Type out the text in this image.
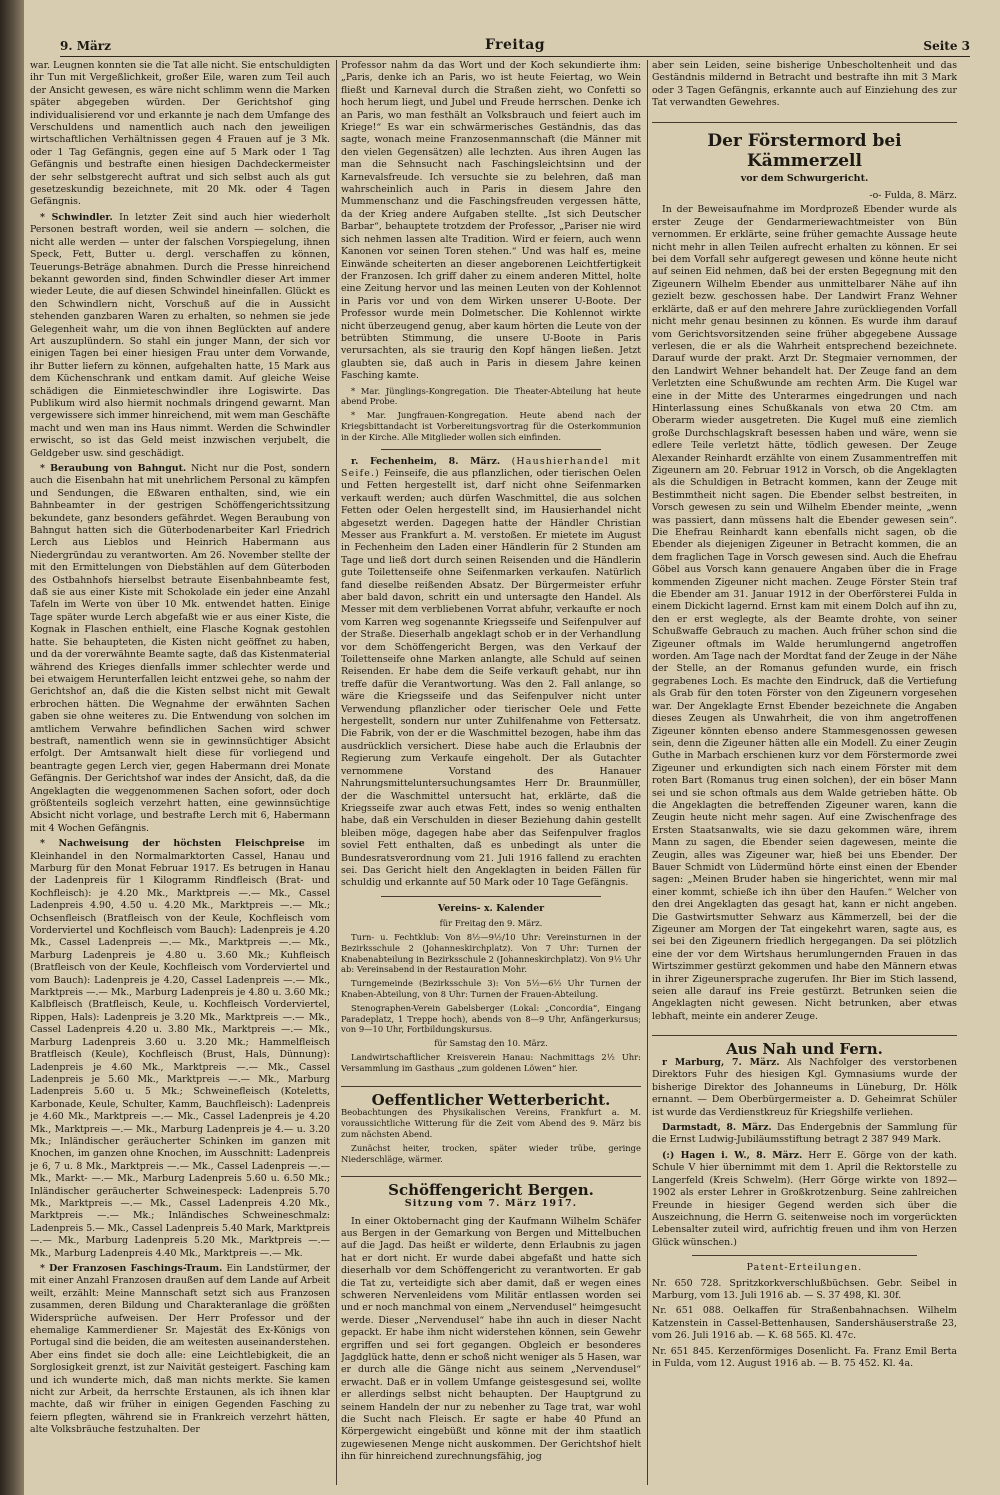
9. März	Freitag	Seite 3

war. Leugnen konnten sie die Tat alle nicht. Sie entschuldigten ihr Tun mit Vergeßlichkeit, großer Eile, waren zum Teil auch der Ansicht gewesen, es wäre nicht schlimm wenn die Marken später abgegeben würden. Der Gerichtshof ging individualisierend vor und erkannte je nach dem Umfange des Verschuldens und namentlich auch nach den jeweiligen wirtschaftlichen Verhältnissen gegen 4 Frauen auf je 3 Mk. oder 1 Tag Gefängnis, gegen eine auf 5 Mark oder 1 Tag Gefängnis und bestrafte einen hiesigen Dachdeckermeister der sehr selbstgerecht auftrat und sich selbst auch als gut gesetzeskundig bezeichnete, mit 20 Mk. oder 4 Tagen Gefängnis.

* Schwindler. In letzter Zeit sind auch hier wiederholt Personen bestraft worden, weil sie andern — solchen, die nicht alle werden — unter der falschen Vorspiegelung, ihnen Speck, Fett, Butter u. dergl. verschaffen zu können, Teuerungs-Beträge abnahmen. Durch die Presse hinreichend bekannt geworden sind, finden Schwindler dieser Art immer wieder Leute, die auf diesen Schwindel hineinfallen. Glückt es den Schwindlern nicht, Vorschuß auf die in Aussicht stehenden ganzbaren Waren zu erhalten, so nehmen sie jede Gelegenheit wahr, um die von ihnen Beglückten auf andere Art auszuplündern. So stahl ein junger Mann, der sich vor einigen Tagen bei einer hiesigen Frau unter dem Vorwande, ihr Butter liefern zu können, aufgehalten hatte, 15 Mark aus dem Küchenschrank und entkam damit. Auf gleiche Weise schädigen die Einmieteschwindler ihre Logiswirte. Das Publikum wird also hiermit nochmals dringend gewarnt. Man vergewissere sich immer hinreichend, mit wem man Geschäfte macht und wen man ins Haus nimmt. Werden die Schwindler erwischt, so ist das Geld meist inzwischen verjubelt, die Geldgeber usw. sind geschädigt.

* Beraubung von Bahngut. Nicht nur die Post, sondern auch die Eisenbahn hat mit unehrlichem Personal zu kämpfen und Sendungen, die Eßwaren enthalten, sind, wie ein Bahnbeamter in der gestrigen Schöffengerichtssitzung bekundete, ganz besonders gefährdet. Wegen Beraubung von Bahngut hatten sich die Güterbodenarbeiter Karl Friedrich Lerch aus Lieblos und Heinrich Habermann aus Niedergründau zu verantworten. Am 26. November stellte der mit den Ermittelungen von Diebstählen auf dem Güterboden des Ostbahnhofs hierselbst betraute Eisenbahnbeamte fest, daß sie aus einer Kiste mit Schokolade ein jeder eine Anzahl Tafeln im Werte von über 10 Mk. entwendet hatten. Einige Tage später wurde Lerch abgefaßt wie er aus einer Kiste, die Kognak in Flaschen enthielt, eine Flasche Kognak gestohlen hatte. Sie behaupteten, die Kisten nicht geöffnet zu haben, und da der vorerwähnte Beamte sagte, daß das Kistenmaterial während des Krieges dienfalls immer schlechter werde und bei etwaigem Herunterfallen leicht entzwei gehe, so nahm der Gerichtshof an, daß die die Kisten selbst nicht mit Gewalt erbrochen hätten. Die Wegnahme der erwähnten Sachen gaben sie ohne weiteres zu. Die Entwendung von solchen im amtlichem Verwahre befindlichen Sachen wird schwer bestraft, namentlich wenn sie in gewinnsüchtiger Absicht erfolgt. Der Amtsanwalt hielt diese für vorliegend und beantragte gegen Lerch vier, gegen Habermann drei Monate Gefängnis. Der Gerichtshof war indes der Ansicht, daß, da die Angeklagten die weggenommenen Sachen sofort, oder doch größtenteils sogleich verzehrt hatten, eine gewinnsüchtige Absicht nicht vorlage, und bestrafte Lerch mit 6, Habermann mit 4 Wochen Gefängnis.

* Nachweisung der höchsten Fleischpreise im Kleinhandel in den Normalmarktorten Cassel, Hanau und Marburg für den Monat Februar 1917. Es betrugen in Hanau der Ladenpreis für 1 Kilogramm Rindfleisch (Brat- und Kochfleisch): je 4.20 Mk., Marktpreis —.— Mk., Cassel Ladenpreis 4.90, 4.50 u. 4.20 Mk., Marktpreis —.— Mk.; Ochsenfleisch (Bratfleisch von der Keule, Kochfleisch vom Vorderviertel und Kochfleisch vom Bauch): Ladenpreis je 4.20 Mk., Cassel Ladenpreis —.— Mk., Marktpreis —.— Mk., Marburg Ladenpreis je 4.80 u. 3.60 Mk.; Kuhfleisch (Bratfleisch von der Keule, Kochfleisch vom Vorderviertel und vom Bauch): Ladenpreis je 4.20, Cassel Ladenpreis —.— Mk., Marktpreis —.— Mk., Marburg Ladenpreis je 4.80 u. 3.60 Mk.; Kalbfleisch (Bratfleisch, Keule, u. Kochfleisch Vorderviertel, Rippen, Hals): Ladenpreis je 3.20 Mk., Marktpreis —.— Mk., Cassel Ladenpreis 4.20 u. 3.80 Mk., Marktpreis —.— Mk., Marburg Ladenpreis 3.60 u. 3.20 Mk.; Hammelfleisch Bratfleisch (Keule), Kochfleisch (Brust, Hals, Dünnung): Ladenpreis je 4.60 Mk., Marktpreis —.— Mk., Cassel Ladenpreis je 5.60 Mk., Marktpreis —.— Mk., Marburg Ladenpreis 5.60 u. 5 Mk.; Schweinefleisch (Koteletts, Karbonade, Keule, Schulter, Kamm, Bauchfleisch): Ladenpreis je 4.60 Mk., Marktpreis —.— Mk., Cassel Ladenpreis je 4.20 Mk., Marktpreis —.— Mk., Marburg Ladenpreis je 4.— u. 3.20 Mk.; Inländischer geräucherter Schinken im ganzen mit Knochen, im ganzen ohne Knochen, im Ausschnitt: Ladenpreis je 6, 7 u. 8 Mk., Marktpreis —.— Mk., Cassel Ladenpreis —.— Mk., Markt- —.— Mk., Marburg Ladenpreis 5.60 u. 6.50 Mk.; Inländischer geräucherter Schweinespeck: Ladenpreis 5.70 Mk., Marktpreis —.— Mk., Cassel Ladenpreis 4.20 Mk., Marktpreis —.— Mk.; Inländisches Schweineschmalz: Ladenpreis 5.— Mk., Cassel Ladenpreis 5.40 Mark, Marktpreis —.— Mk., Marburg Ladenpreis 5.20 Mk., Marktpreis —.— Mk., Marburg Ladenpreis 4.40 Mk., Marktpreis —.— Mk.

* Der Franzosen Faschings-Traum. Ein Landstürmer, der mit einer Anzahl Franzosen draußen auf dem Lande auf Arbeit weilt, erzählt: Meine Mannschaft setzt sich aus Franzosen zusammen, deren Bildung und Charakteranlage die größten Widersprüche aufweisen. Der Herr Professor und der ehemalige Kammerdiener Sr. Majestät des Ex-Königs von Portugal sind die beiden, die am weitesten auseinanderstehen. Aber eins findet sie doch alle: eine Leichtlebigkeit, die an Sorglosigkeit grenzt, ist zur Naivität gesteigert. Fasching kam und ich wunderte mich, daß man nichts merkte. Sie kamen nicht zur Arbeit, da herrschte Erstaunen, als ich ihnen klar machte, daß wir früher in einigen Gegenden Fasching zu feiern pflegten, während sie in Frankreich verzehrt hätten, alte Volksbräuche festzuhalten. Der

Professor nahm da das Wort und der Koch sekundierte ihm: „Paris, denke ich an Paris, wo ist heute Feiertag, wo Wein fließt und Karneval durch die Straßen zieht, wo Confetti so hoch herum liegt, und Jubel und Freude herrschen. Denke ich an Paris, wo man festhält an Volksbrauch und feiert auch im Kriege!“ Es war ein schwärmerisches Geständnis, das das sagte, wonach meine Franzosenmannschaft (die Männer mit den vielen Gegensätzen) alle lechzten. Aus ihren Augen las man die Sehnsucht nach Faschingsleichtsinn und der Karnevalsfreude. Ich versuchte sie zu belehren, daß man wahrscheinlich auch in Paris in diesem Jahre den Mummenschanz und die Faschingsfreuden vergessen hätte, da der Krieg andere Aufgaben stellte. „Ist sich Deutscher Barbar“, behauptete trotzdem der Professor, „Pariser nie wird sich nehmen lassen alte Tradition. Wird er feiern, auch wenn Kanonen vor seinen Toren stehen.“ Und was half es, meine Einwände scheiterten an dieser angeborenen Leichtfertigkeit der Franzosen. Ich griff daher zu einem anderen Mittel, holte eine Zeitung hervor und las meinen Leuten von der Kohlennot in Paris vor und von dem Wirken unserer U-Boote. Der Professor wurde mein Dolmetscher. Die Kohlennot wirkte nicht überzeugend genug, aber kaum hörten die Leute von der betrübten Stimmung, die unsere U-Boote in Paris verursachten, als sie traurig den Kopf hängen ließen. Jetzt glaubten sie, daß auch in Paris in diesem Jahre keinen Fasching kamte.

* Mar. Jünglings-Kongregation. Die Theater-Abteilung hat heute abend Probe.

* Mar. Jungfrauen-Kongregation. Heute abend nach der Kriegsbittandacht ist Vorbereitungsvortrag für die Osterkommunion in der Kirche. Alle Mitglieder wollen sich einfinden.

r. Fechenheim, 8. März. (Haushierhandel mit Seife.) Feinseife, die aus pflanzlichen, oder tierischen Oelen und Fetten hergestellt ist, darf nicht ohne Seifenmarken verkauft werden; auch dürfen Waschmittel, die aus solchen Fetten oder Oelen hergestellt sind, im Hausierhandel nicht abgesetzt werden. Dagegen hatte der Händler Christian Messer aus Frankfurt a. M. verstoßen. Er mietete im August in Fechenheim den Laden einer Händlerin für 2 Stunden am Tage und ließ dort durch seinen Reisenden und die Händlerin gute Toilettenseife ohne Seifenmarken verkaufen. Natürlich fand dieselbe reißenden Absatz. Der Bürgermeister erfuhr aber bald davon, schritt ein und untersagte den Handel. Als Messer mit dem verbliebenen Vorrat abfuhr, verkaufte er noch vom Karren weg sogenannte Kriegsseife und Seifenpulver auf der Straße. Dieserhalb angeklagt schob er in der Verhandlung vor dem Schöffengericht Bergen, was den Verkauf der Toilettenseife ohne Marken anlangte, alle Schuld auf seinen Reisenden. Er habe dem die Seife verkauft gehabt, nur ihn treffe dafür die Verantwortung. Was den 2. Fall anlange, so wäre die Kriegsseife und das Seifenpulver nicht unter Verwendung pflanzlicher oder tierischer Oele und Fette hergestellt, sondern nur unter Zuhilfenahme von Fettersatz. Die Fabrik, von der er die Waschmittel bezogen, habe ihm das ausdrücklich versichert. Diese habe auch die Erlaubnis der Regierung zum Verkaufe eingeholt. Der als Gutachter vernommene Vorstand des Hanauer Nahrungsmitteluntersuchungsamtes Herr Dr. Braunmüller, der die Waschmittel untersucht hat, erklärte, daß die Kriegsseife zwar auch etwas Fett, indes so wenig enthalten habe, daß ein Verschulden in dieser Beziehung dahin gestellt bleiben möge, dagegen habe aber das Seifenpulver fraglos soviel Fett enthalten, daß es unbedingt als unter die Bundesratsverordnung vom 21. Juli 1916 fallend zu erachten sei. Das Gericht hielt den Angeklagten in beiden Fällen für schuldig und erkannte auf 50 Mark oder 10 Tage Gefängnis.

Vereins- x. Kalender

für Freitag den 9. März.

Turn- u. Fechtklub: Von 8½—9½/10 Uhr: Vereinsturnen in der Bezirksschule 2 (Johanneskirchplatz). Von 7 Uhr: Turnen der Knabenabteilung in Bezirksschule 2 (Johanneskirchplatz). Von 9½ Uhr ab: Vereinsabend in der Restauration Mohr.

Turngemeinde (Bezirksschule 3): Von 5½—6½ Uhr Turnen der Knaben-Abteilung, von 8 Uhr: Turnen der Frauen-Abteilung.

Stenographen-Verein Gabelsberger (Lokal: „Concordia“, Eingang Paradeplatz, 1 Treppe hoch), abends von 8—9 Uhr, Anfängerkursus; von 9—10 Uhr, Fortbildungskursus.

für Samstag den 10. März.

Landwirtschaftlicher Kreisverein Hanau: Nachmittags 2½ Uhr: Versammlung im Gasthaus „zum goldenen Löwen“ hier.

Oeffentlicher Wetterbericht.

Beobachtungen des Physikalischen Vereins, Frankfurt a. M. voraussichtliche Witterung für die Zeit vom Abend des 9. März bis zum nächsten Abend.

Zunächst heiter, trocken, später wieder trübe, geringe Niederschläge, wärmer.

Schöffengericht Bergen.
Sitzung vom 7. März 1917.

In einer Oktobernacht ging der Kaufmann Wilhelm Schäfer aus Bergen in der Gemarkung von Bergen und Mittelbuchen auf die Jagd. Das heißt er wilderte, denn Erlaubnis zu jagen hat er dort nicht. Er wurde dabei abgefaßt und hatte sich dieserhalb vor dem Schöffengericht zu verantworten. Er gab die Tat zu, verteidigte sich aber damit, daß er wegen eines schweren Nervenleidens vom Militär entlassen worden sei und er noch manchmal von einem „Nervendusel“ heimgesucht werde. Dieser „Nervendusel“ habe ihn auch in dieser Nacht gepackt. Er habe ihm nicht widerstehen können, sein Gewehr ergriffen und sei fort gegangen. Obgleich er besonderes Jagdglück hatte, denn er schoß nicht weniger als 5 Hasen, war er durch alle die Gänge nicht aus seinem „Nervendusel“ erwacht. Daß er in vollem Umfange geistesgesund sei, wollte er allerdings selbst nicht behaupten. Der Hauptgrund zu seinem Handeln der nur zu nebenher zu Tage trat, war wohl die Sucht nach Fleisch. Er sagte er habe 40 Pfund an Körpergewicht eingebüßt und könne mit der ihm staatlich zugewiesenen Menge nicht auskommen. Der Gerichtshof hielt ihn für hinreichend zurechnungsfähig, jog

aber sein Leiden, seine bisherige Unbescholtenheit und das Geständnis mildernd in Betracht und bestrafte ihn mit 3 Mark oder 3 Tagen Gefängnis, erkannte auch auf Einziehung des zur Tat verwandten Gewehres.

Der Förstermord bei Kämmerzell
vor dem Schwurgericht.
-o- Fulda, 8. März.

In der Beweisaufnahme im Mordprozeß Ebender wurde als erster Zeuge der Gendarmeriewachtmeister von Bün vernommen. Er erklärte, seine früher gemachte Aussage heute nicht mehr in allen Teilen aufrecht erhalten zu können. Er sei bei dem Vorfall sehr aufgeregt gewesen und könne heute nicht auf seinen Eid nehmen, daß bei der ersten Begegnung mit den Zigeunern Wilhelm Ebender aus unmittelbarer Nähe auf ihn gezielt bezw. geschossen habe. Der Landwirt Franz Wehner erklärte, daß er auf den mehrere Jahre zurückliegenden Vorfall nicht mehr genau besinnen zu können. Es wurde ihm darauf vom Gerichtsvorsitzenden seine früher abgegebene Aussage verlesen, die er als die Wahrheit entsprechend bezeichnete. Darauf wurde der prakt. Arzt Dr. Stegmaier vernommen, der den Landwirt Wehner behandelt hat. Der Zeuge fand an dem Verletzten eine Schußwunde am rechten Arm. Die Kugel war eine in der Mitte des Unterarmes eingedrungen und nach Hinterlassung eines Schußkanals von etwa 20 Ctm. am Oberarm wieder ausgetreten. Die Kugel muß eine ziemlich große Durchschlagskraft besessen haben und wäre, wenn sie edlere Teile verletzt hätte, tödlich gewesen. Der Zeuge Alexander Reinhardt erzählte von einem Zusammentreffen mit Zigeunern am 20. Februar 1912 in Vorsch, ob die Angeklagten als die Schuldigen in Betracht kommen, kann der Zeuge mit Bestimmtheit nicht sagen. Die Ebender selbst bestreiten, in Vorsch gewesen zu sein und Wilhelm Ebender meinte, „wenn was passiert, dann müssens halt die Ebender gewesen sein“. Die Ehefrau Reinhardt kann ebenfalls nicht sagen, ob die Ebender als diejenigen Zigeuner in Betracht kommen, die an dem fraglichen Tage in Vorsch gewesen sind. Auch die Ehefrau Göbel aus Vorsch kann genauere Angaben über die in Frage kommenden Zigeuner nicht machen. Zeuge Förster Stein traf die Ebender am 31. Januar 1912 in der Oberförsterei Fulda in einem Dickicht lagernd. Ernst kam mit einem Dolch auf ihn zu, den er erst weglegte, als der Beamte drohte, von seiner Schußwaffe Gebrauch zu machen. Auch früher schon sind die Zigeuner oftmals im Walde herumlungernd angetroffen worden. Am Tage nach der Mordtat fand der Zeuge in der Nähe der Stelle, an der Romanus gefunden wurde, ein frisch gegrabenes Loch. Es machte den Eindruck, daß die Vertiefung als Grab für den toten Förster von den Zigeunern vorgesehen war. Der Angeklagte Ernst Ebender bezeichnete die Angaben dieses Zeugen als Unwahrheit, die von ihm angetroffenen Zigeuner könnten ebenso andere Stammesgenossen gewesen sein, denn die Zigeuner hätten alle ein Modell. Zu einer Zeugin Guthe in Marbach erschienen kurz vor dem Förstermorde zwei Zigeuner und erkundigten sich nach einem Förster mit dem roten Bart (Romanus trug einen solchen), der ein böser Mann sei und sie schon oftmals aus dem Walde getrieben hätte. Ob die Angeklagten die betreffenden Zigeuner waren, kann die Zeugin heute nicht mehr sagen. Auf eine Zwischenfrage des Ersten Staatsanwalts, wie sie dazu gekommen wäre, ihrem Mann zu sagen, die Ebender seien dagewesen, meinte die Zeugin, alles was Zigeuner war, hieß bei uns Ebender. Der Bauer Schmidt von Lüdermünd hörte einst einen der Ebender sagen: „Meinen Bruder haben sie hingerichtet, wenn mir mal einer kommt, schieße ich ihn über den Haufen.“ Welcher von den drei Angeklagten das gesagt hat, kann er nicht angeben. Die Gastwirtsmutter Sehwarz aus Kämmerzell, bei der die Zigeuner am Morgen der Tat eingekehrt waren, sagte aus, es sei bei den Zigeunern friedlich hergegangen. Da sei plötzlich eine der vor dem Wirtshaus herumlungernden Frauen in das Wirtszimmer gestürzt gekommen und habe den Männern etwas in ihrer Zigeunersprache zugerufen. Ihr Bier im Stich lassend, seien alle darauf ins Freie gestürzt. Betrunken seien die Angeklagten nicht gewesen. Nicht betrunken, aber etwas lebhaft, meinte ein anderer Zeuge.

Aus Nah und Fern.

r Marburg, 7. März. Als Nachfolger des verstorbenen Direktors Fuhr des hiesigen Kgl. Gymnasiums wurde der bisherige Direktor des Johanneums in Lüneburg, Dr. Hölk ernannt. — Dem Oberbürgermeister a. D. Geheimrat Schüler ist wurde das Verdienstkreuz für Kriegshilfe verliehen.

Darmstadt, 8. März. Das Endergebnis der Sammlung für die Ernst Ludwig-Jubiläumsstiftung betragt 2 387 949 Mark.

(:) Hagen i. W., 8. März. Herr E. Görge von der kath. Schule V hier übernimmt mit dem 1. April die Rektorstelle zu Langerfeld (Kreis Schwelm). (Herr Görge wirkte von 1892—1902 als erster Lehrer in Großkrotzenburg. Seine zahlreichen Freunde in hiesiger Gegend werden sich über die Auszeichnung, die Herrn G. seitenweise noch im vorgerückten Lebensalter zuteil wird, aufrichtig freuen und ihm von Herzen Glück wünschen.)

Patent-Erteilungen.

Nr. 650 728. Spritzkorkverschlußbüchsen. Gebr. Seibel in Marburg, vom 13. Juli 1916 ab. — S. 37 498, Kl. 30f.

Nr. 651 088. Oelkaffen für Straßenbahnachsen. Wilhelm Katzenstein in Cassel-Bettenhausen, Sandershäuserstraße 23, vom 26. Juli 1916 ab. — K. 68 565. Kl. 47c.

Nr. 651 845. Kerzenförmiges Dosenlicht. Fa. Franz Emil Berta in Fulda, vom 12. August 1916 ab. — B. 75 452. Kl. 4a.
